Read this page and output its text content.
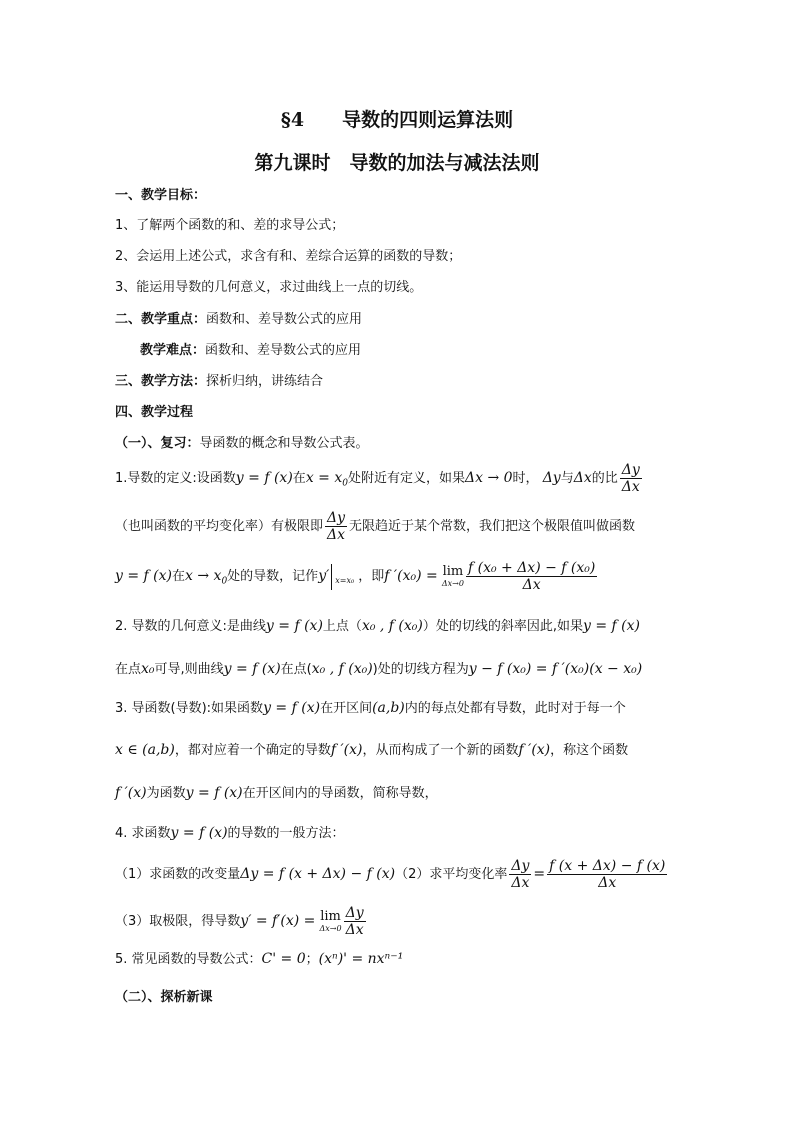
§4　　导数的四则运算法则
第九课时　导数的加法与减法法则
一、教学目标：
1、了解两个函数的和、差的求导公式；
2、会运用上述公式，求含有和、差综合运算的函数的导数；
3、能运用导数的几何意义，求过曲线上一点的切线。
二、教学重点：函数和、差导数公式的应用
教学难点：函数和、差导数公式的应用
三、教学方法：探析归纳，讲练结合
四、教学过程
（一）、复习：导函数的概念和导数公式表。
1.导数的定义:设函数y = f (x)在$x = x_0$处附近有定义，如果Δx → 0时， Δy与Δx的比 $\frac{\Delta y}{\Delta x}$
（也叫函数的平均变化率）有极限即 $\frac{\Delta y}{\Delta x}$ 无限趋近于某个常数，我们把这个极限值叫做函数
y = f (x)在$x \to x_0$处的导数，记作y′ x=x₀ ，即f ′(x₀) = lim
$\Delta x\to 0 \frac{\text{f (x₀ + Δx) − f (x₀)}}{\Delta x}$
2. 导数的几何意义:是曲线y = f (x)上点（x₀ , f (x₀)）处的切线的斜率因此,如果y = f (x)
在点x₀可导,则曲线y = f (x)在点(x₀ , f (x₀))处的切线方程为y − f (x₀) = f ′(x₀)(x − x₀)
3. 导函数(导数):如果函数y = f (x)在开区间(a,b)内的每点处都有导数，此时对于每一个
x ∈ (a,b)，都对应着一个确定的导数f ′(x)，从而构成了一个新的函数f ′(x)，称这个函数
f ′(x)为函数y = f (x)在开区间内的导函数，简称导数，
4. 求函数y = f (x)的导数的一般方法：
（1）求函数的改变量Δy = f (x + Δx) − f (x)（2）求平均变化率 $\frac{\Delta y}{\Delta x} = \frac{f (x + \Delta x) - f (x)}{\Delta x}$
（3）取极限，得导数y′ = f′(x) = lim
$\Delta x\to 0 \frac{\Delta y}{\Delta x}$
5. 常见函数的导数公式：C' = 0；(xⁿ)' = nxⁿ⁻¹
（二）、探析新课
